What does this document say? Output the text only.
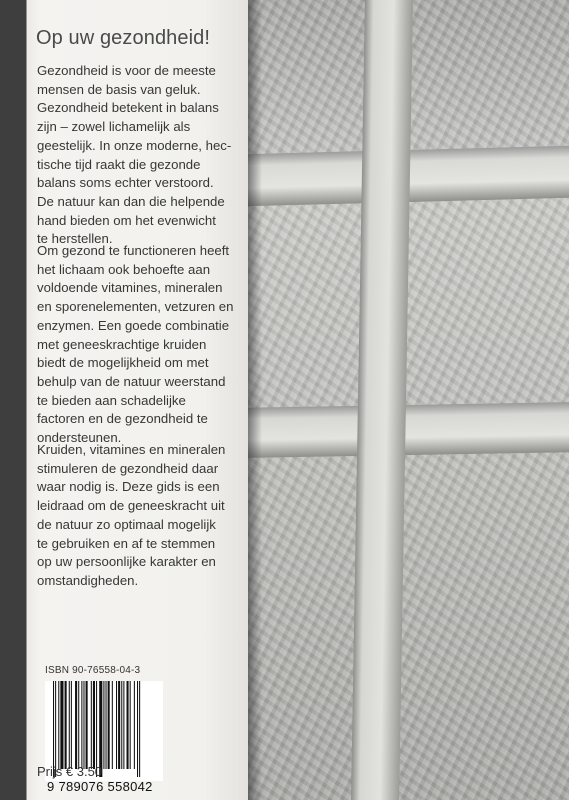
Op uw gezondheid!

Gezondheid is voor de meeste
mensen de basis van geluk.
Gezondheid betekent in balans
zijn – zowel lichamelijk als
geestelijk. In onze moderne, hec-
tische tijd raakt die gezonde
balans soms echter verstoord.
De natuur kan dan die helpende
hand bieden om het evenwicht
te herstellen.

Om gezond te functioneren heeft
het lichaam ook behoefte aan
voldoende vitamines, mineralen
en sporenelementen, vetzuren en
enzymen. Een goede combinatie
met geneeskrachtige kruiden
biedt de mogelijkheid om met
behulp van de natuur weerstand
te bieden aan schadelijke
factoren en de gezondheid te
ondersteunen.

Kruiden, vitamines en mineralen
stimuleren de gezondheid daar
waar nodig is. Deze gids is een
leidraad om de geneeskracht uit
de natuur zo optimaal mogelijk
te gebruiken en af te stemmen
op uw persoonlijke karakter en
omstandigheden.

ISBN 90-76558-04-3

9 789076 558042

Prijs € 3.50
